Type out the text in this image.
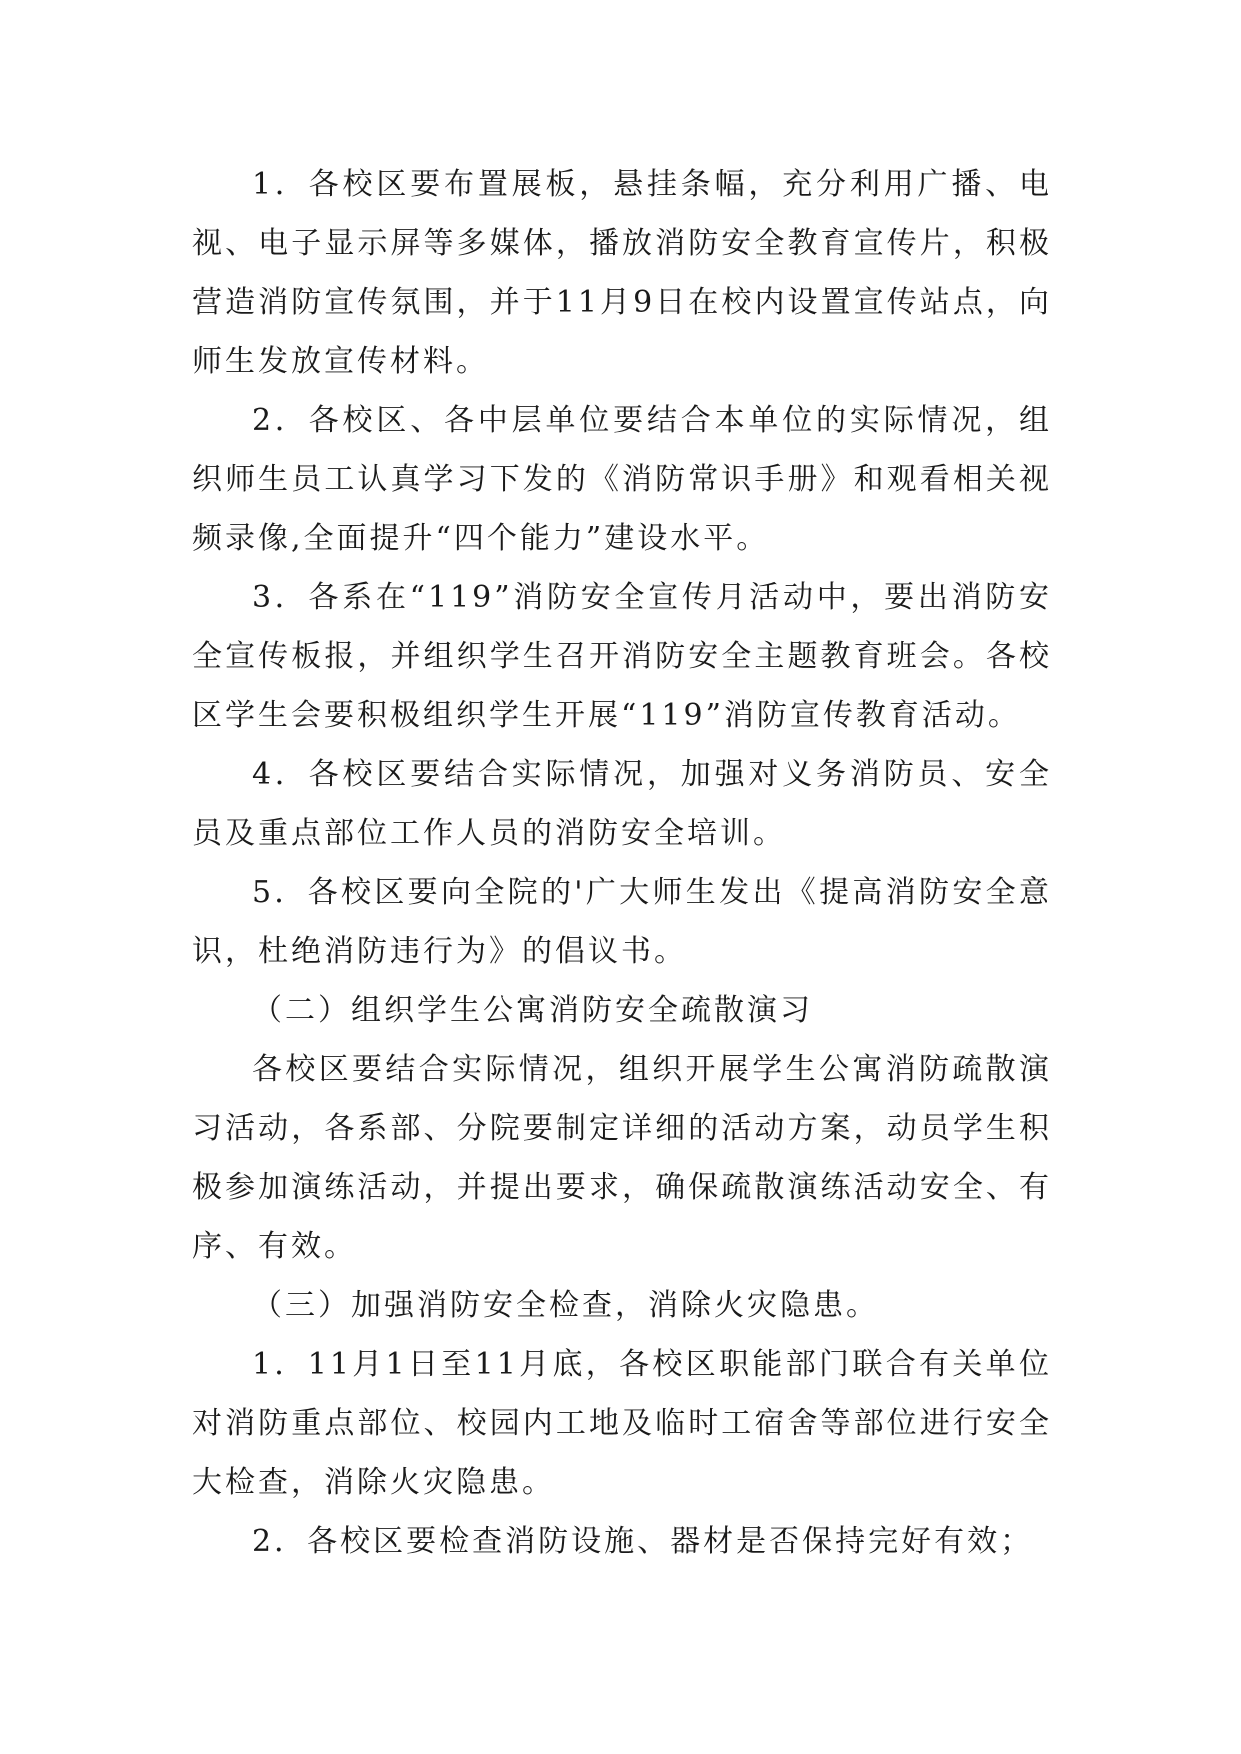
1．各校区要布置展板，悬挂条幅，充分利用广播、电视、电子显示屏等多媒体，播放消防安全教育宣传片，积极营造消防宣传氛围，并于11月9日在校内设置宣传站点，向师生发放宣传材料。

2．各校区、各中层单位要结合本单位的实际情况，组织师生员工认真学习下发的《消防常识手册》和观看相关视频录像,全面提升“四个能力”建设水平。

3．各系在“119”消防安全宣传月活动中，要出消防安全宣传板报，并组织学生召开消防安全主题教育班会。各校区学生会要积极组织学生开展“119”消防宣传教育活动。

4．各校区要结合实际情况，加强对义务消防员、安全员及重点部位工作人员的消防安全培训。

5．各校区要向全院的'广大师生发出《提高消防安全意识，杜绝消防违行为》的倡议书。

（二）组织学生公寓消防安全疏散演习

各校区要结合实际情况，组织开展学生公寓消防疏散演习活动，各系部、分院要制定详细的活动方案，动员学生积极参加演练活动，并提出要求，确保疏散演练活动安全、有序、有效。

（三）加强消防安全检查，消除火灾隐患。

1．11月1日至11月底，各校区职能部门联合有关单位对消防重点部位、校园内工地及临时工宿舍等部位进行安全大检查，消除火灾隐患。

2．各校区要检查消防设施、器材是否保持完好有效；
